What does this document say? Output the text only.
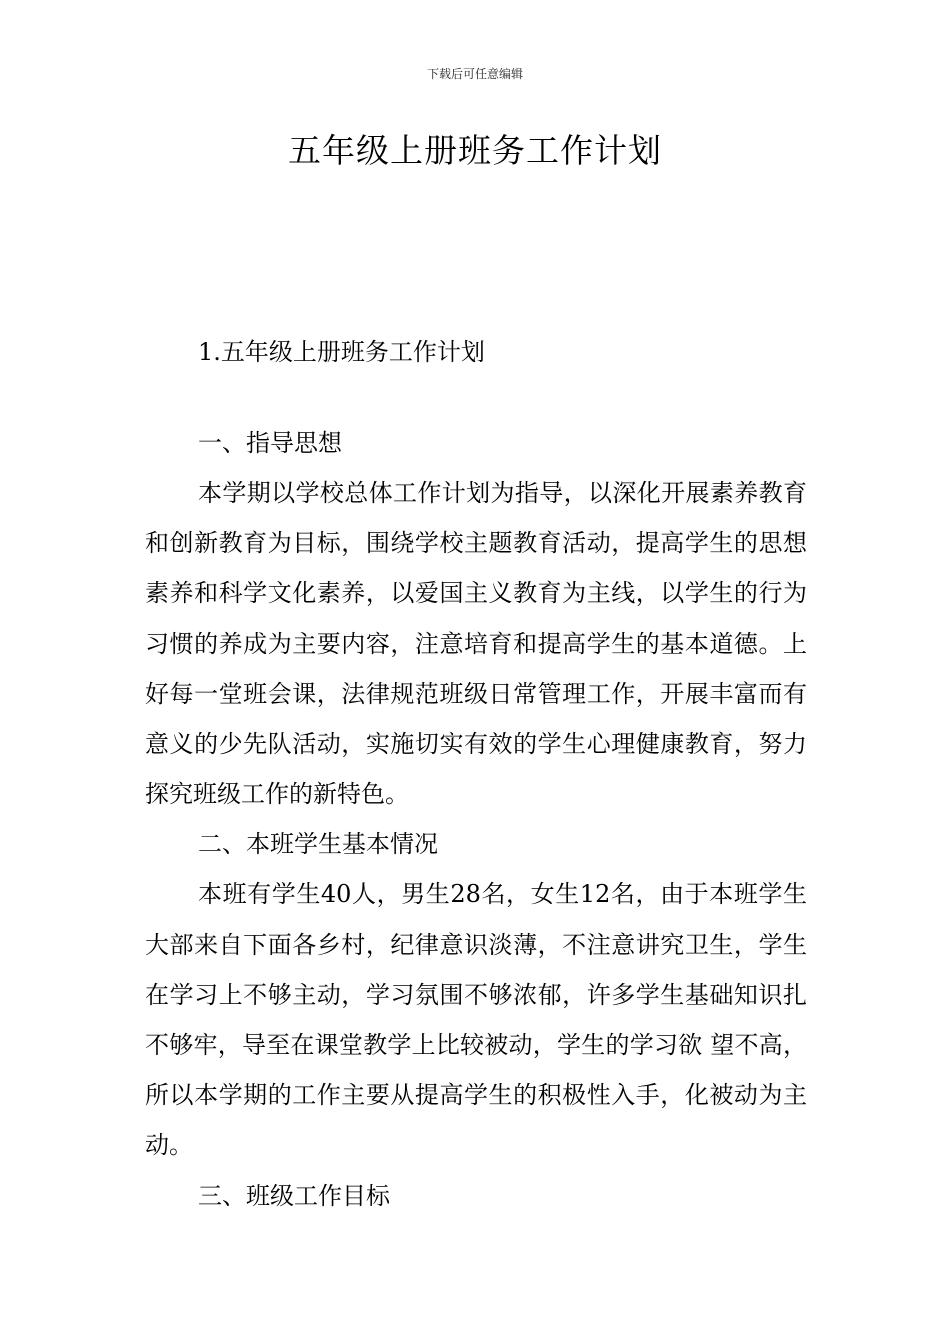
下载后可任意编辑
五年级上册班务工作计划

1.五年级上册班务工作计划

一、指导思想

本学期以学校总体工作计划为指导，以深化开展素养教育和创新教育为目标，围绕学校主题教育活动，提高学生的思想素养和科学文化素养，以爱国主义教育为主线，以学生的行为习惯的养成为主要内容，注意培育和提高学生的基本道德。上好每一堂班会课，法律规范班级日常管理工作，开展丰富而有意义的少先队活动，实施切实有效的学生心理健康教育，努力探究班级工作的新特色。

二、本班学生基本情况

本班有学生40人，男生28名，女生12名，由于本班学生大部来自下面各乡村，纪律意识淡薄，不注意讲究卫生，学生在学习上不够主动，学习氛围不够浓郁，许多学生基础知识扎不够牢，导至在课堂教学上比较被动，学生的学习欲 望不高，所以本学期的工作主要从提高学生的积极性入手，化被动为主动。

三、班级工作目标
